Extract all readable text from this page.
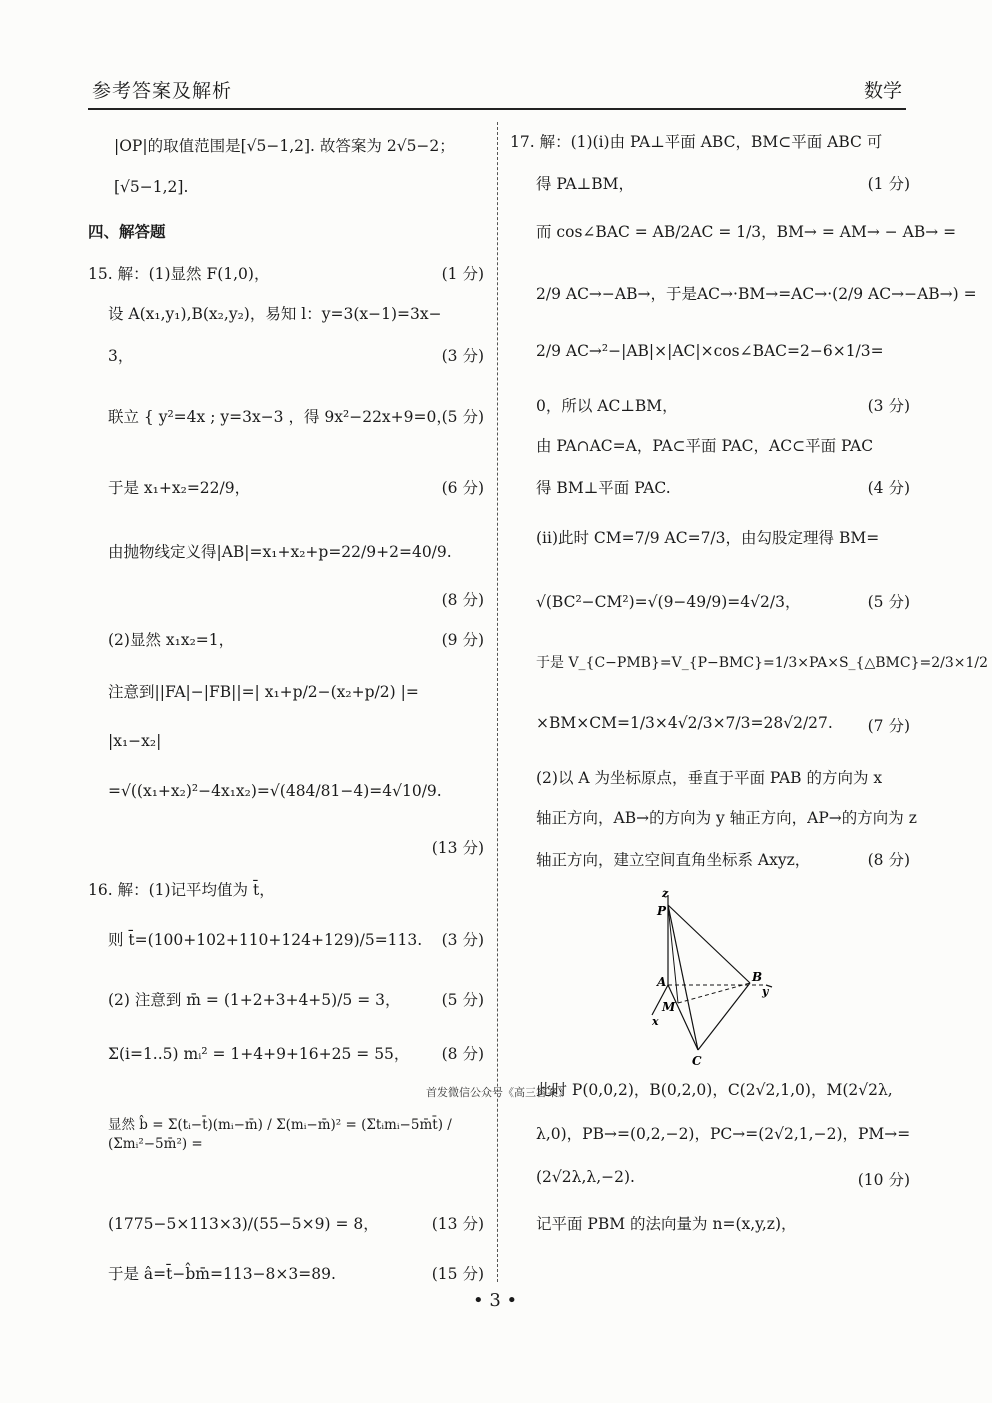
参考答案及解析	数学
|OP|的取值范围是[√5−1,2]. 故答案为 2√5−2；
[√5−1,2].
四、解答题
15. 解：(1)显然 F(1,0)，	(1 分)
设 A(x₁,y₁),B(x₂,y₂)，易知 l：y=3(x−1)=3x−
3，	(3 分)
联立 { y²=4x ; y=3x−3 ，得 9x²−22x+9=0，
(5 分)
于是 x₁+x₂=22/9，	(6 分)
由抛物线定义得|AB|=x₁+x₂+p=22/9+2=40/9.
(8 分)
(2)显然 x₁x₂=1，	(9 分)
注意到||FA|−|FB||=| x₁+p/2−(x₂+p/2) |=
|x₁−x₂|
=√((x₁+x₂)²−4x₁x₂)=√(484/81−4)=4√10/9.
(13 分)
16. 解：(1)记平均值为 t̄，
则 t̄=(100+102+110+124+129)/5=113. (3 分)
(2) 注意到 m̄ = (1+2+3+4+5)/5 = 3，	(5 分)
Σ(i=1..5) mᵢ² = 1+4+9+16+25 = 55， (8 分)
显然 b̂ = Σ(tᵢ−t̄)(mᵢ−m̄) / Σ(mᵢ−m̄)² = (Σtᵢmᵢ−5m̄t̄) / (Σmᵢ²−5m̄²) =
(1775−5×113×3)/(55−5×9) = 8，	(13 分)
于是 â=t̄−b̂m̄=113−8×3=89.	(15 分)
17. 解：(1)(ⅰ)由 PA⊥平面 ABC，BM⊂平面 ABC 可
得 PA⊥BM，	(1 分)
而 cos∠BAC = AB/2AC = 1/3，BM→ = AM→ − AB→ =
2/9 AC→−AB→，于是AC→·BM→=AC→·(2/9 AC→−AB→) =
2/9 AC→²−|AB|×|AC|×cos∠BAC=2−6×1/3=
0，所以 AC⊥BM，	(3 分)
由 PA∩AC=A，PA⊂平面 PAC，AC⊂平面 PAC
得 BM⊥平面 PAC.	(4 分)
(ⅱ)此时 CM=7/9 AC=7/3，由勾股定理得 BM=
√(BC²−CM²)=√(9−49/9)=4√2/3，	(5 分)
于是 V_{C−PMB}=V_{P−BMC}=1/3×PA×S_{△BMC}=2/3×1/2
×BM×CM=1/3×4√2/3×7/3=28√2/27. (7 分)
(2)以 A 为坐标原点，垂直于平面 PAB 的方向为 x
轴正方向，AB→的方向为 y 轴正方向，AP→的方向为 z
轴正方向，建立空间直角坐标系 Axyz，	(8 分)
此时 P(0,0,2)，B(0,2,0)，C(2√2,1,0)，M(2√2λ,
λ,0)，PB→=(0,2,−2)，PC→=(2√2,1,−2)，PM→=
(2√2λ,λ,−2).	(10 分)
记平面 PBM 的法向量为 n=(x,y,z)，
z
P
A
M
B
y
x
C
首发微信公众号《高三答案》
• 3 •
